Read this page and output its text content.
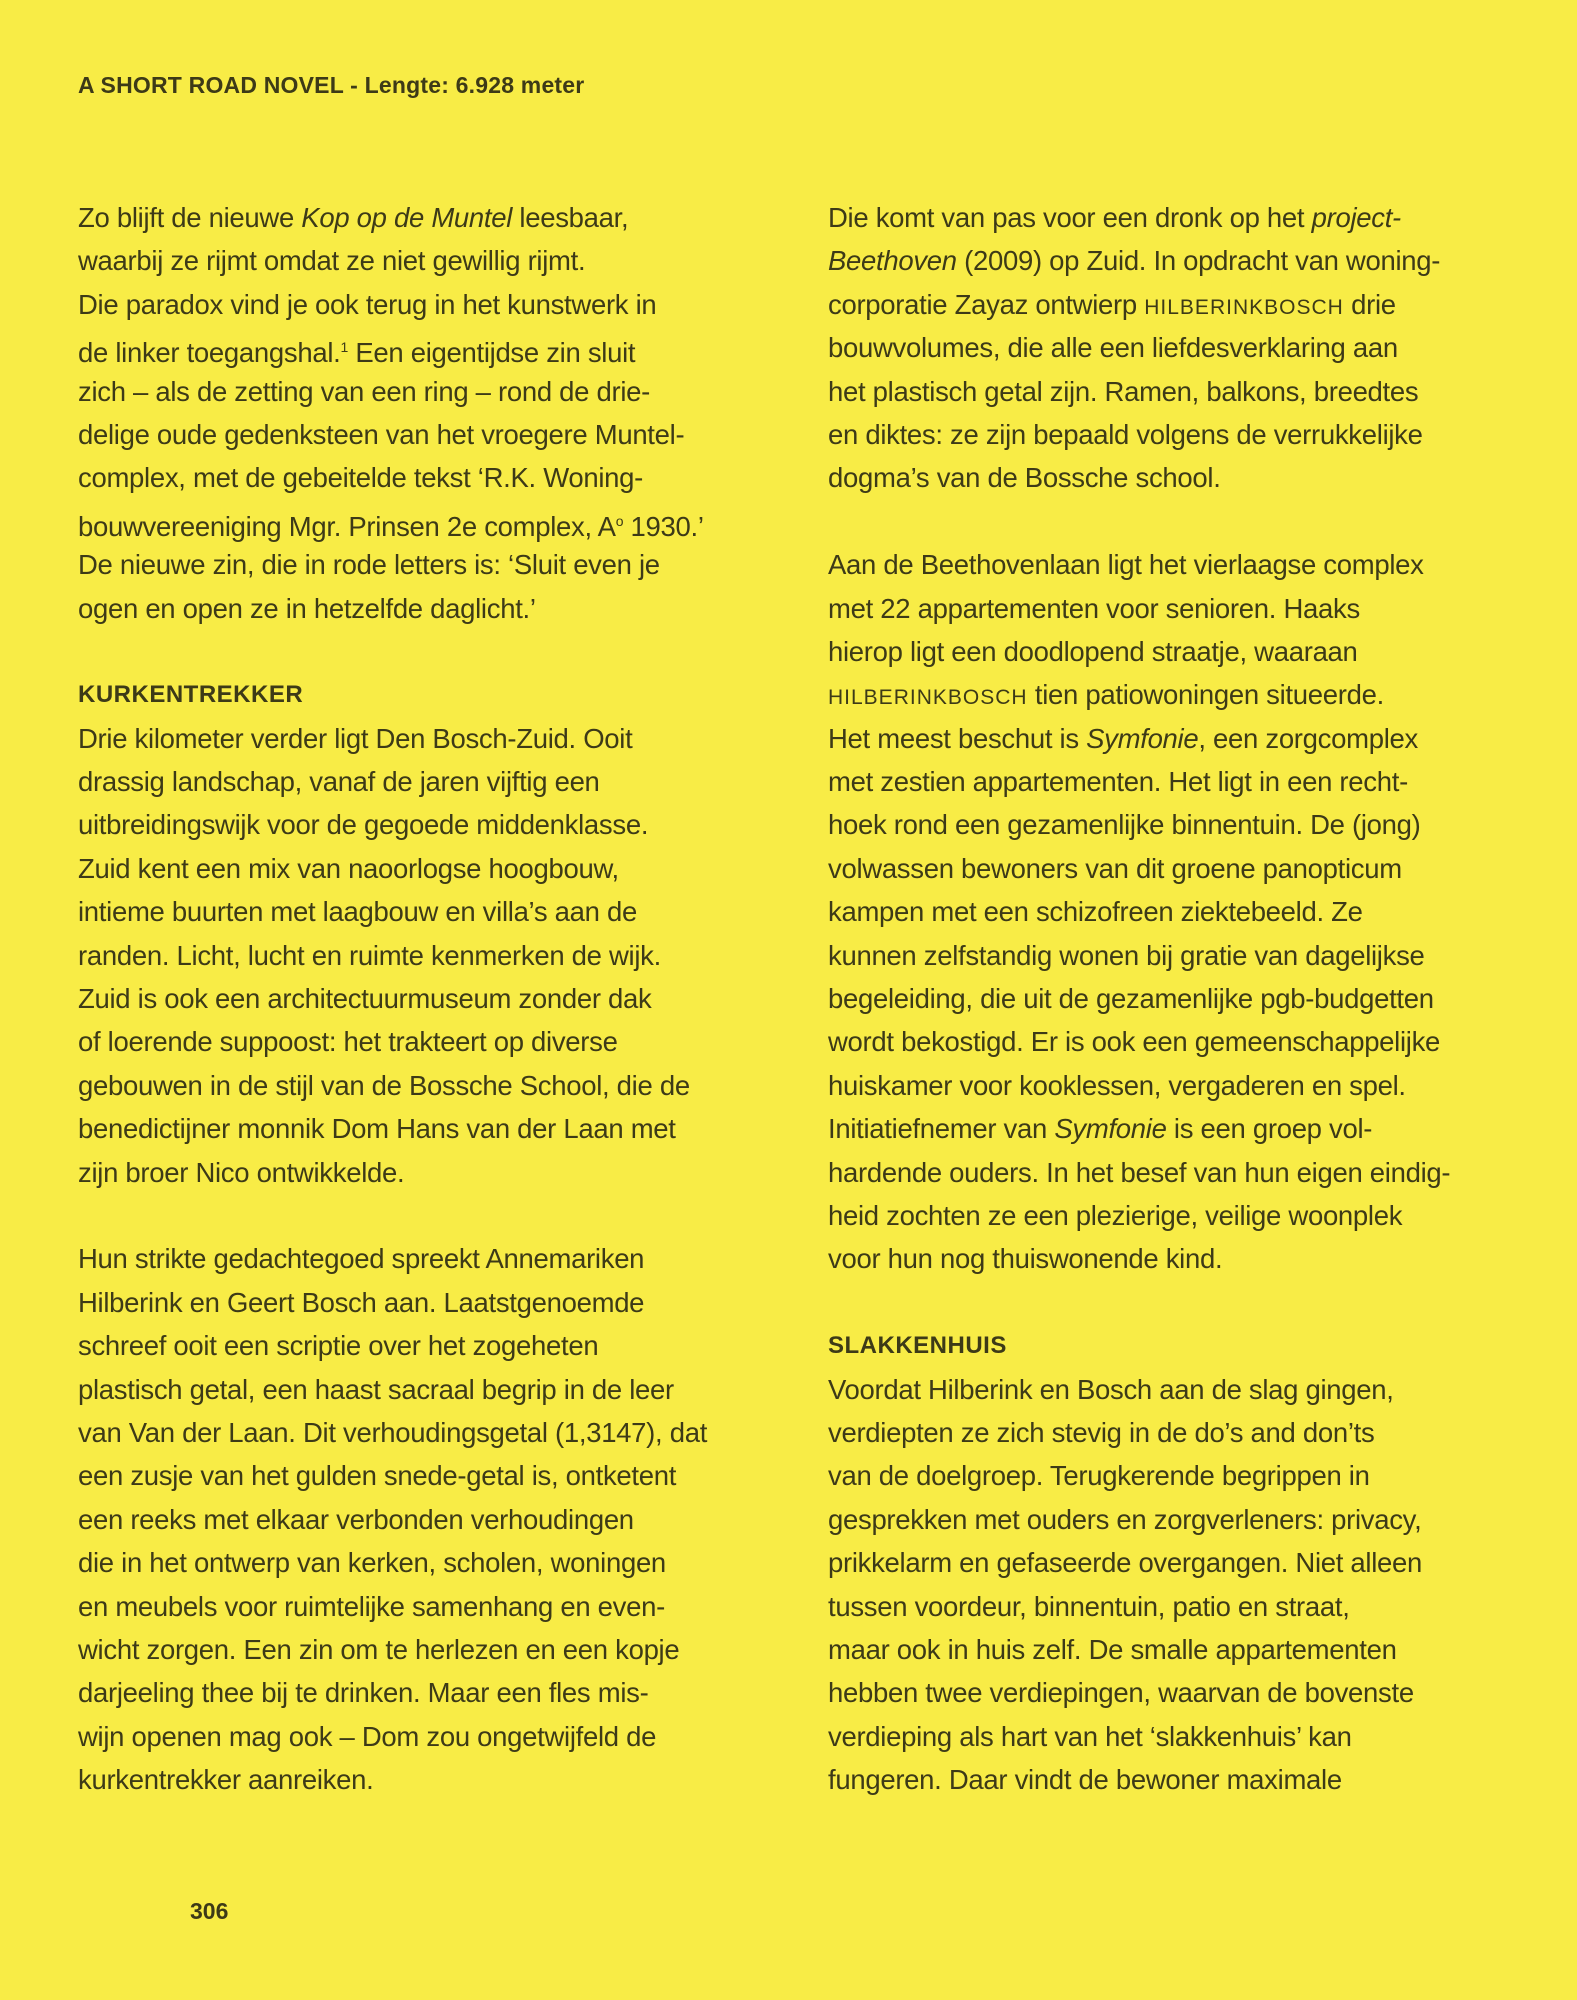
A SHORT ROAD NOVEL - Lengte: 6.928 meter
Zo blijft de nieuwe Kop op de Muntel leesbaar,
waarbij ze rijmt omdat ze niet gewillig rijmt.
Die paradox vind je ook terug in het kunstwerk in
de linker toegangshal.$^1$ Een eigentijdse zin sluit
zich – als de zetting van een ring – rond de drie-
delige oude gedenksteen van het vroegere Muntel-
complex, met de gebeitelde tekst ‘R.K. Woning-
bouwvereeniging Mgr. Prinsen 2e complex, $A^o$ 1930.’
De nieuwe zin, die in rode letters is: ‘Sluit even je
ogen en open ze in hetzelfde daglicht.’
KURKENTREKKER
Drie kilometer verder ligt Den Bosch-Zuid. Ooit
drassig landschap, vanaf de jaren vijftig een
uitbreidingswijk voor de gegoede middenklasse.
Zuid kent een mix van naoorlogse hoogbouw,
intieme buurten met laagbouw en villa’s aan de
randen. Licht, lucht en ruimte kenmerken de wijk.
Zuid is ook een architectuurmuseum zonder dak
of loerende suppoost: het trakteert op diverse
gebouwen in de stijl van de Bossche School, die de
benedictijner monnik Dom Hans van der Laan met
zijn broer Nico ontwikkelde.
Hun strikte gedachtegoed spreekt Annemariken
Hilberink en Geert Bosch aan. Laatstgenoemde
schreef ooit een scriptie over het zogeheten
plastisch getal, een haast sacraal begrip in de leer
van Van der Laan. Dit verhoudingsgetal (1,3147), dat
een zusje van het gulden snede-getal is, ontketent
een reeks met elkaar verbonden verhoudingen
die in het ontwerp van kerken, scholen, woningen
en meubels voor ruimtelijke samenhang en even-
wicht zorgen. Een zin om te herlezen en een kopje
darjeeling thee bij te drinken. Maar een fles mis-
wijn openen mag ook – Dom zou ongetwijfeld de
kurkentrekker aanreiken.
Die komt van pas voor een dronk op het project-
Beethoven (2009) op Zuid. In opdracht van woning-
corporatie Zayaz ontwierp HILBERINKBOSCH drie
bouwvolumes, die alle een liefdesverklaring aan
het plastisch getal zijn. Ramen, balkons, breedtes
en diktes: ze zijn bepaald volgens de verrukkelijke
dogma’s van de Bossche school.
Aan de Beethovenlaan ligt het vierlaagse complex
met 22 appartementen voor senioren. Haaks
hierop ligt een doodlopend straatje, waaraan
HILBERINKBOSCH tien patiowoningen situeerde.
Het meest beschut is Symfonie, een zorgcomplex
met zestien appartementen. Het ligt in een recht-
hoek rond een gezamenlijke binnentuin. De (jong)
volwassen bewoners van dit groene panopticum
kampen met een schizofreen ziektebeeld. Ze
kunnen zelfstandig wonen bij gratie van dagelijkse
begeleiding, die uit de gezamenlijke pgb-budgetten
wordt bekostigd. Er is ook een gemeenschappelijke
huiskamer voor kooklessen, vergaderen en spel.
Initiatiefnemer van Symfonie is een groep vol-
hardende ouders. In het besef van hun eigen eindig-
heid zochten ze een plezierige, veilige woonplek
voor hun nog thuiswonende kind.
SLAKKENHUIS
Voordat Hilberink en Bosch aan de slag gingen,
verdiepten ze zich stevig in de do’s and don’ts
van de doelgroep. Terugkerende begrippen in
gesprekken met ouders en zorgverleners: privacy,
prikkelarm en gefaseerde overgangen. Niet alleen
tussen voordeur, binnentuin, patio en straat,
maar ook in huis zelf. De smalle appartementen
hebben twee verdiepingen, waarvan de bovenste
verdieping als hart van het ‘slakkenhuis’ kan
fungeren. Daar vindt de bewoner maximale
306
